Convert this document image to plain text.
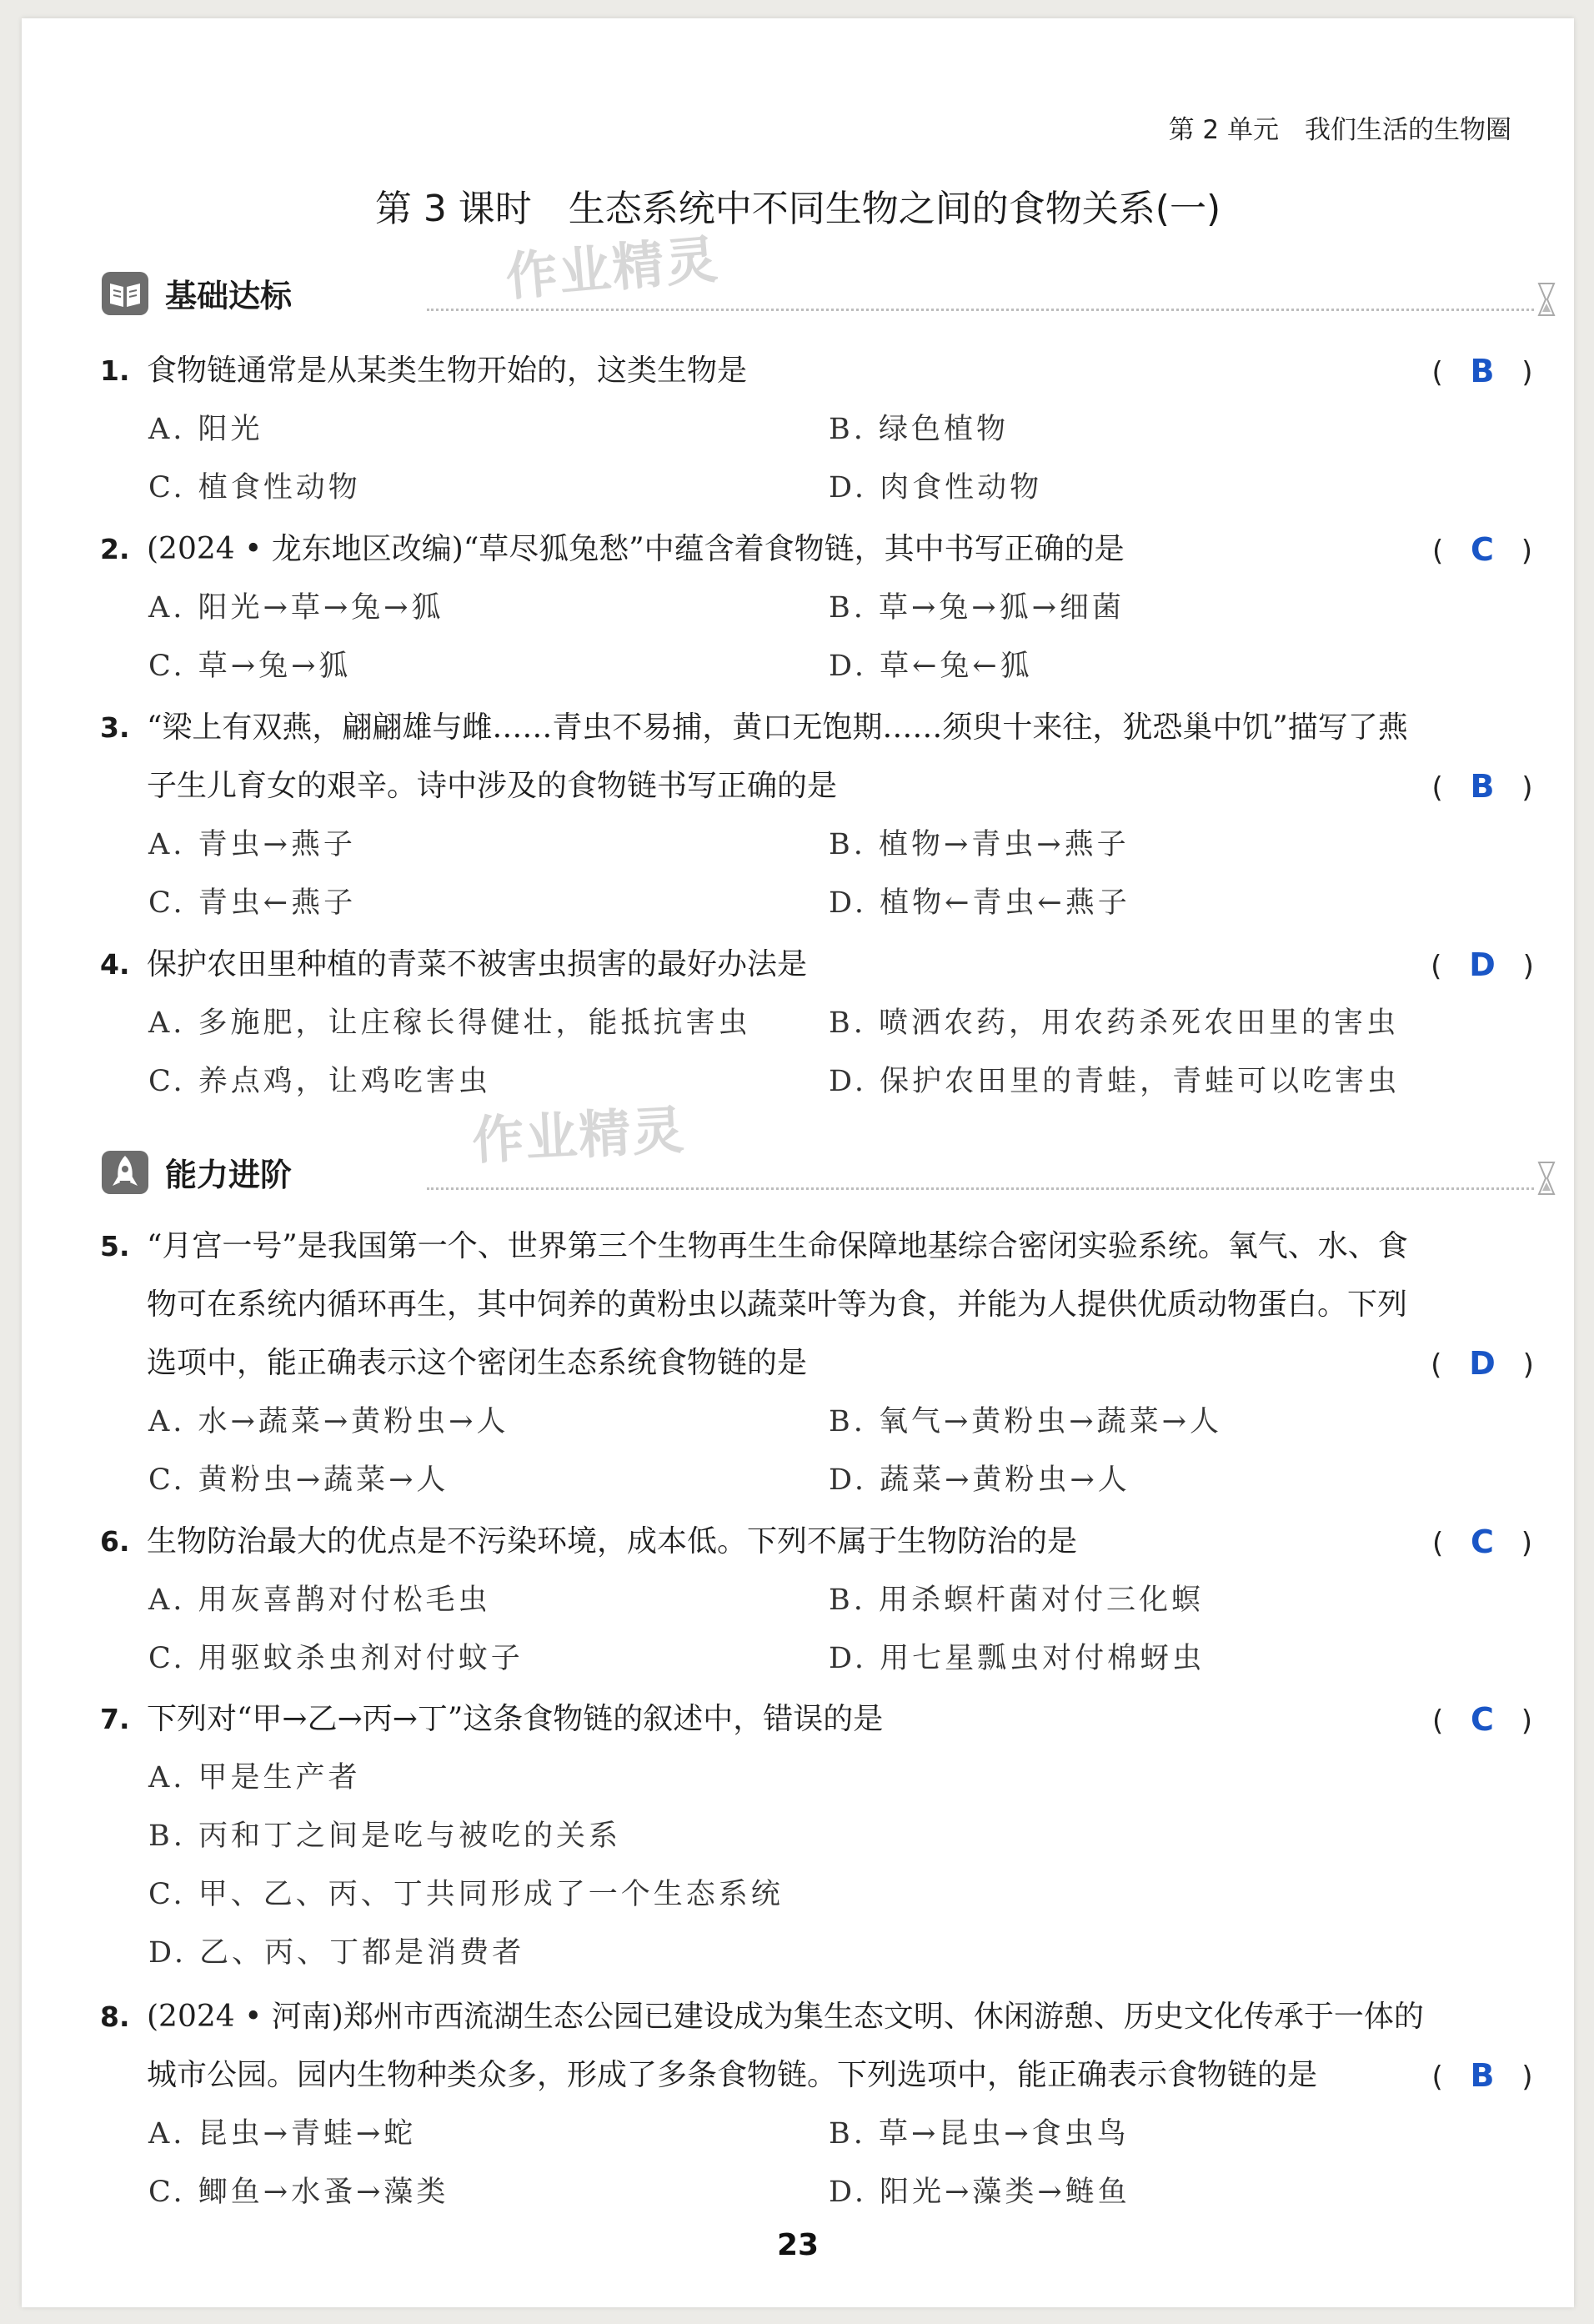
第 2 单元　我们生活的生物圈
第 3 课时　生态系统中不同生物之间的食物关系(一)
作业精灵
作业精灵
基础达标
1. 食物链通常是从某类生物开始的，这类生物是	( B )
A. 阳光	B. 绿色植物
C. 植食性动物	D. 肉食性动物
2. (2024 • 龙东地区改编)“草尽狐兔愁”中蕴含着食物链，其中书写正确的是	( C )
A. 阳光→草→兔→狐	B. 草→兔→狐→细菌
C. 草→兔→狐	D. 草←兔←狐
3. “梁上有双燕，翩翩雄与雌……青虫不易捕，黄口无饱期……须臾十来往，犹恐巢中饥”描写了燕
子生儿育女的艰辛。诗中涉及的食物链书写正确的是	( B )
A. 青虫→燕子	B. 植物→青虫→燕子
C. 青虫←燕子	D. 植物←青虫←燕子
4. 保护农田里种植的青菜不被害虫损害的最好办法是	( D )
A. 多施肥，让庄稼长得健壮，能抵抗害虫	B. 喷洒农药，用农药杀死农田里的害虫
C. 养点鸡，让鸡吃害虫	D. 保护农田里的青蛙，青蛙可以吃害虫
能力进阶
5. “月宫一号”是我国第一个、世界第三个生物再生生命保障地基综合密闭实验系统。氧气、水、食
物可在系统内循环再生，其中饲养的黄粉虫以蔬菜叶等为食，并能为人提供优质动物蛋白。下列
选项中，能正确表示这个密闭生态系统食物链的是	( D )
A. 水→蔬菜→黄粉虫→人	B. 氧气→黄粉虫→蔬菜→人
C. 黄粉虫→蔬菜→人	D. 蔬菜→黄粉虫→人
6. 生物防治最大的优点是不污染环境，成本低。下列不属于生物防治的是	( C )
A. 用灰喜鹊对付松毛虫	B. 用杀螟杆菌对付三化螟
C. 用驱蚊杀虫剂对付蚊子	D. 用七星瓢虫对付棉蚜虫
7. 下列对“甲→乙→丙→丁”这条食物链的叙述中，错误的是	( C )
A. 甲是生产者
B. 丙和丁之间是吃与被吃的关系
C. 甲、乙、丙、丁共同形成了一个生态系统
D. 乙、丙、丁都是消费者
8. (2024 • 河南)郑州市西流湖生态公园已建设成为集生态文明、休闲游憩、历史文化传承于一体的
城市公园。园内生物种类众多，形成了多条食物链。下列选项中，能正确表示食物链的是	( B )
A. 昆虫→青蛙→蛇	B. 草→昆虫→食虫鸟
C. 鲫鱼→水蚤→藻类	D. 阳光→藻类→鲢鱼
23
